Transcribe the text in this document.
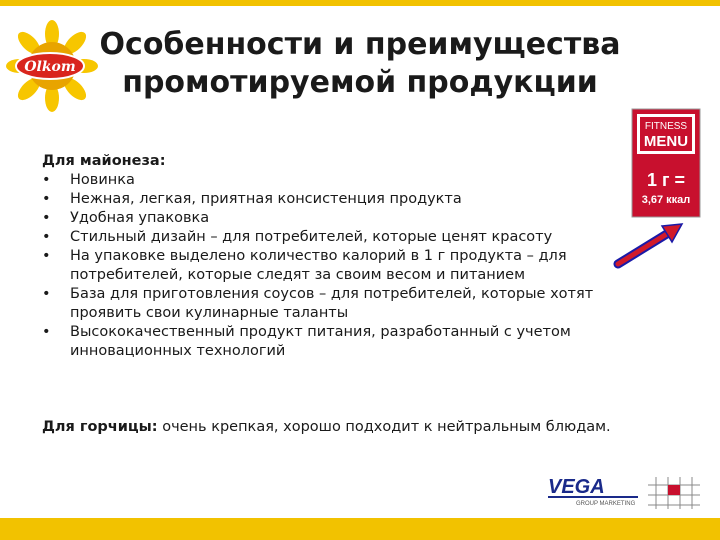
Olkom
Особенности и преимущества
промотируемой продукции

Для майонеза:

• Новинка
• Нежная, легкая, приятная консистенция продукта
• Удобная упаковка
• Стильный дизайн – для потребителей, которые ценят красоту
• На упаковке выделено количество калорий в 1 г продукта – для потребителей, которые следят за своим весом и питанием
• База для приготовления соусов – для потребителей, которые хотят проявить свои кулинарные таланты
• Высококачественный продукт питания, разработанный с учетом инновационных технологий

Для горчицы: очень крепкая, хорошо подходит к нейтральным блюдам.

FITNESS
MENU
1 г =
3,67 ккал
VEGA
GROUP MARKETING
